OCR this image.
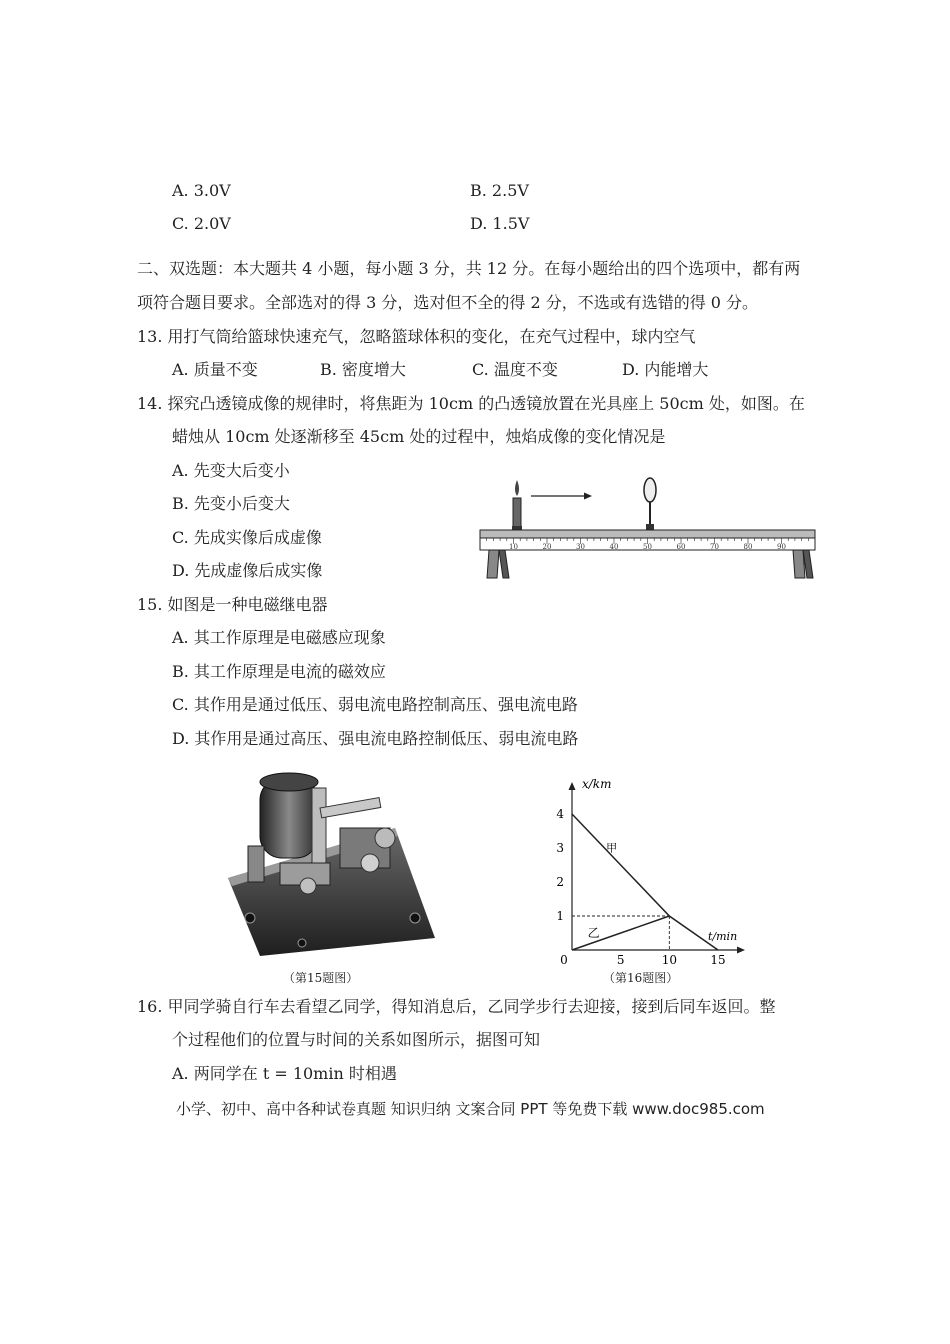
A. 3.0V	B. 2.5V
C. 2.0V	D. 1.5V
二、双选题：本大题共 4 小题，每小题 3 分，共 12 分。在每小题给出的四个选项中，都有两
项符合题目要求。全部选对的得 3 分，选对但不全的得 2 分，不选或有选错的得 0 分。
13. 用打气筒给篮球快速充气，忽略篮球体积的变化，在充气过程中，球内空气
A. 质量不变	B. 密度增大	C. 温度不变	D. 内能增大
14. 探究凸透镜成像的规律时，将焦距为 10cm 的凸透镜放置在光具座上 50cm 处，如图。在
蜡烛从 10cm 处逐渐移至 45cm 处的过程中，烛焰成像的变化情况是
A. 先变大后变小
B. 先变小后变大
C. 先成实像后成虚像
D. 先成虚像后成实像
10	20	30	40	50	60	70	80	90
15. 如图是一种电磁继电器
A. 其工作原理是电磁感应现象
B. 其工作原理是电流的磁效应
C. 其作用是通过低压、弱电流电路控制高压、强电流电路
D. 其作用是通过高压、强电流电路控制低压、弱电流电路
（第15题图）
0	5	10	15
1
2
3
4
甲
乙
x/km
t/min
（第16题图）
16. 甲同学骑自行车去看望乙同学，得知消息后，乙同学步行去迎接，接到后同车返回。整
个过程他们的位置与时间的关系如图所示，据图可知
A. 两同学在 t = 10min 时相遇
小学、初中、高中各种试卷真题 知识归纳 文案合同 PPT 等免费下载 www.doc985.com
